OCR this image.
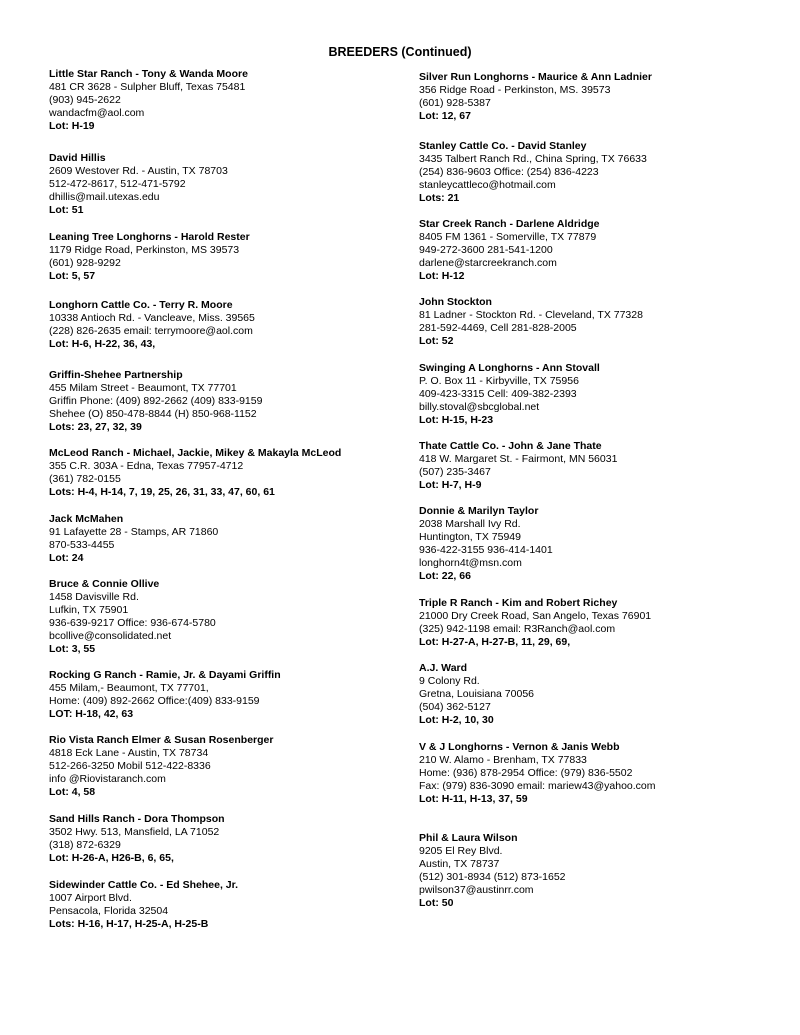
BREEDERS (Continued)
Little Star Ranch - Tony & Wanda Moore
481 CR 3628 - Sulpher Bluff, Texas 75481
(903) 945-2622
wandacfm@aol.com
Lot: H-19
David Hillis
2609 Westover Rd. - Austin, TX 78703
512-472-8617, 512-471-5792
dhillis@mail.utexas.edu
Lot: 51
Leaning Tree Longhorns - Harold Rester
1179 Ridge Road, Perkinston, MS 39573
(601) 928-9292
Lot: 5, 57
Longhorn Cattle Co. - Terry R. Moore
10338 Antioch Rd. - Vancleave, Miss. 39565
(228) 826-2635 email: terrymoore@aol.com
Lot: H-6, H-22, 36, 43,
Griffin-Shehee Partnership
455 Milam Street - Beaumont, TX 77701
Griffin Phone: (409) 892-2662 (409) 833-9159
Shehee (O) 850-478-8844 (H) 850-968-1152
Lots: 23, 27, 32, 39
McLeod Ranch - Michael, Jackie, Mikey & Makayla McLeod
355 C.R. 303A - Edna, Texas 77957-4712
(361) 782-0155
Lots: H-4, H-14, 7, 19, 25, 26, 31, 33, 47, 60, 61
Jack McMahen
91 Lafayette 28 - Stamps, AR 71860
870-533-4455
Lot: 24
Bruce & Connie Ollive
1458 Davisville Rd.
Lufkin, TX 75901
936-639-9217 Office: 936-674-5780
bcollive@consolidated.net
Lot: 3, 55
Rocking G Ranch - Ramie, Jr. & Dayami Griffin
455 Milam,- Beaumont, TX 77701,
Home: (409) 892-2662 Office:(409) 833-9159
LOT: H-18, 42, 63
Rio Vista Ranch Elmer & Susan Rosenberger
4818 Eck Lane - Austin, TX 78734
512-266-3250 Mobil 512-422-8336
info @Riovistaranch.com
Lot: 4, 58
Sand Hills Ranch - Dora Thompson
3502 Hwy. 513, Mansfield, LA 71052
(318) 872-6329
Lot: H-26-A, H26-B, 6, 65,
Sidewinder Cattle Co. - Ed Shehee, Jr.
1007 Airport Blvd.
Pensacola, Florida 32504
Lots: H-16, H-17, H-25-A, H-25-B
Silver Run Longhorns - Maurice & Ann Ladnier
356 Ridge Road - Perkinston, MS. 39573
(601) 928-5387
Lot: 12, 67
Stanley Cattle Co. - David Stanley
3435 Talbert Ranch Rd., China Spring, TX 76633
(254) 836-9603 Office: (254) 836-4223
stanleycattleco@hotmail.com
Lots: 21
Star Creek Ranch - Darlene Aldridge
8405 FM 1361 - Somerville, TX 77879
949-272-3600 281-541-1200
darlene@starcreekranch.com
Lot: H-12
John Stockton
81 Ladner - Stockton Rd. - Cleveland, TX 77328
281-592-4469, Cell 281-828-2005
Lot: 52
Swinging A Longhorns - Ann Stovall
P. O. Box 11 - Kirbyville, TX 75956
409-423-3315 Cell: 409-382-2393
billy.stoval@sbcglobal.net
Lot: H-15, H-23
Thate Cattle Co. - John & Jane Thate
418 W. Margaret St. - Fairmont, MN 56031
(507) 235-3467
Lot: H-7, H-9
Donnie & Marilyn Taylor
2038 Marshall Ivy Rd.
Huntington, TX 75949
936-422-3155 936-414-1401
longhorn4t@msn.com
Lot: 22, 66
Triple R Ranch - Kim and Robert Richey
21000 Dry Creek Road, San Angelo, Texas 76901
(325) 942-1198 email: R3Ranch@aol.com
Lot: H-27-A, H-27-B, 11, 29, 69,
A.J. Ward
9 Colony Rd.
Gretna, Louisiana 70056
(504) 362-5127
Lot: H-2, 10, 30
V & J Longhorns - Vernon & Janis Webb
210 W. Alamo - Brenham, TX 77833
Home: (936) 878-2954 Office: (979) 836-5502
Fax: (979) 836-3090 email: mariew43@yahoo.com
Lot: H-11, H-13, 37, 59
Phil & Laura Wilson
9205 El Rey Blvd.
Austin, TX 78737
(512) 301-8934 (512) 873-1652
pwilson37@austinrr.com
Lot: 50
